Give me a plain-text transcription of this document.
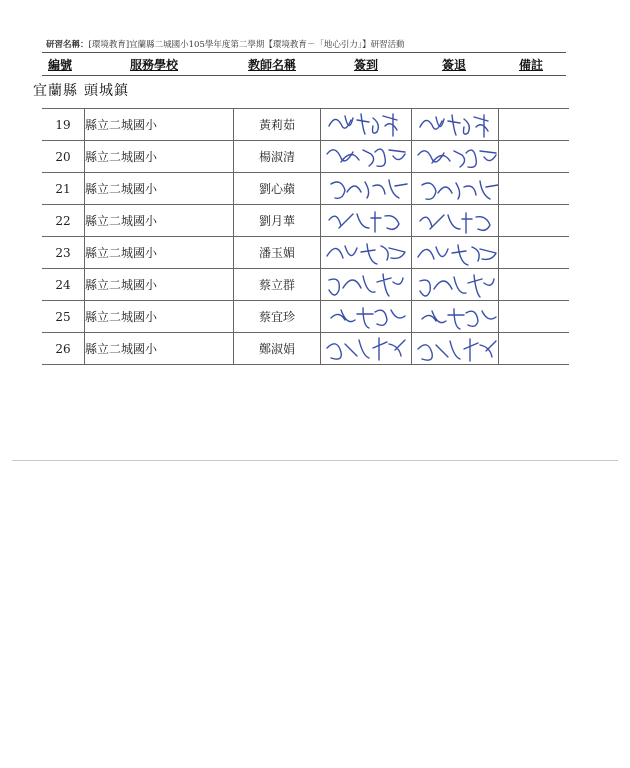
研習名稱：[環境教育]宜蘭縣二城國小105學年度第二學期【環境教育－「地心引力」】研習活動
編號	服務學校	教師名稱	簽到	簽退	備註
宜蘭縣 頭城鎮
19	縣立二城國小	黃莉茹	

20	縣立二城國小	楊淑清	

21	縣立二城國小	劉心蘋	

22	縣立二城國小	劉月華	

23	縣立二城國小	潘玉媚	

24	縣立二城國小	蔡立群	

25	縣立二城國小	蔡宜珍	

26	縣立二城國小	鄭淑娟	
